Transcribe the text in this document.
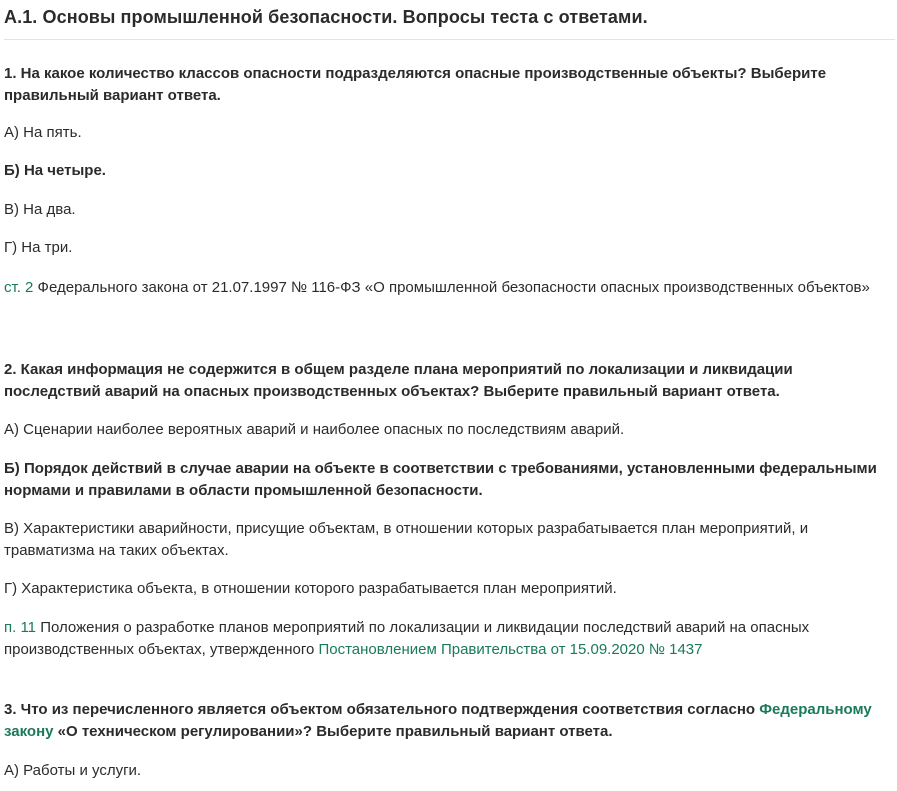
А.1. Основы промышленной безопасности. Вопросы теста с ответами.

1. На какое количество классов опасности подразделяются опасные производственные объекты? Выберите правильный вариант ответа.

А) На пять.

Б) На четыре.

В) На два.

Г) На три.

ст. 2 Федерального закона от 21.07.1997 № 116-ФЗ «О промышленной безопасности опасных производственных объектов»

2. Какая информация не содержится в общем разделе плана мероприятий по локализации и ликвидации последствий аварий на опасных производственных объектах? Выберите правильный вариант ответа.

А) Сценарии наиболее вероятных аварий и наиболее опасных по последствиям аварий.

Б) Порядок действий в случае аварии на объекте в соответствии с требованиями, установленными федеральными нормами и правилами в области промышленной безопасности.

В) Характеристики аварийности, присущие объектам, в отношении которых разрабатывается план мероприятий, и травматизма на таких объектах.

Г) Характеристика объекта, в отношении которого разрабатывается план мероприятий.

п. 11 Положения о разработке планов мероприятий по локализации и ликвидации последствий аварий на опасных производственных объектах, утвержденного Постановлением Правительства от 15.09.2020 № 1437

3. Что из перечисленного является объектом обязательного подтверждения соответствия согласно Федеральному закону «О техническом регулировании»? Выберите правильный вариант ответа.

А) Работы и услуги.
